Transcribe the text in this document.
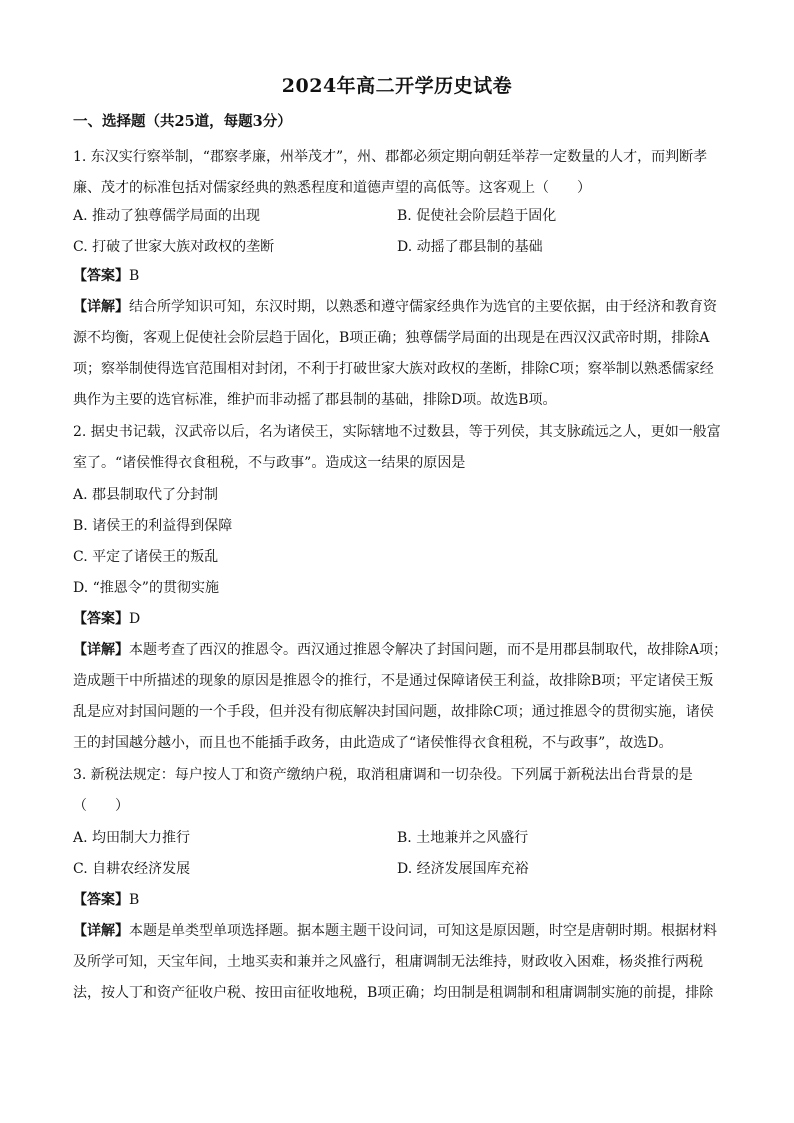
2024年高二开学历史试卷
一、选择题（共25道，每题3分）
1. 东汉实行察举制，“郡察孝廉，州举茂才”，州、郡都必须定期向朝廷举荐一定数量的人才，而判断孝
廉、茂才的标准包括对儒家经典的熟悉程度和道德声望的高低等。这客观上（　　）
A. 推动了独尊儒学局面的出现	B. 促使社会阶层趋于固化
C. 打破了世家大族对政权的垄断	D. 动摇了郡县制的基础
【答案】B
【详解】结合所学知识可知，东汉时期，以熟悉和遵守儒家经典作为选官的主要依据，由于经济和教育资
源不均衡，客观上促使社会阶层趋于固化，B项正确；独尊儒学局面的出现是在西汉汉武帝时期，排除A
项；察举制使得选官范围相对封闭，不利于打破世家大族对政权的垄断，排除C项；察举制以熟悉儒家经
典作为主要的选官标准，维护而非动摇了郡县制的基础，排除D项。故选B项。
2. 据史书记载，汉武帝以后，名为诸侯王，实际辖地不过数县，等于列侯，其支脉疏远之人，更如一般富
室了。“诸侯惟得衣食租税，不与政事”。造成这一结果的原因是
A. 郡县制取代了分封制
B. 诸侯王的利益得到保障
C. 平定了诸侯王的叛乱
D. “推恩令”的贯彻实施
【答案】D
【详解】本题考查了西汉的推恩令。西汉通过推恩令解决了封国问题，而不是用郡县制取代，故排除A项；
造成题干中所描述的现象的原因是推恩令的推行，不是通过保障诸侯王利益，故排除B项；平定诸侯王叛
乱是应对封国问题的一个手段，但并没有彻底解决封国问题，故排除C项；通过推恩令的贯彻实施，诸侯
王的封国越分越小，而且也不能插手政务，由此造成了“诸侯惟得衣食租税，不与政事”，故选D。
3. 新税法规定：每户按人丁和资产缴纳户税，取消租庸调和一切杂役。下列属于新税法出台背景的是
（　　）
A. 均田制大力推行	B. 土地兼并之风盛行
C. 自耕农经济发展	D. 经济发展国库充裕
【答案】B
【详解】本题是单类型单项选择题。据本题主题干设问词，可知这是原因题，时空是唐朝时期。根据材料
及所学可知，天宝年间，土地买卖和兼并之风盛行，租庸调制无法维持，财政收入困难，杨炎推行两税
法，按人丁和资产征收户税、按田亩征收地税，B项正确；均田制是租调制和租庸调制实施的前提，排除
